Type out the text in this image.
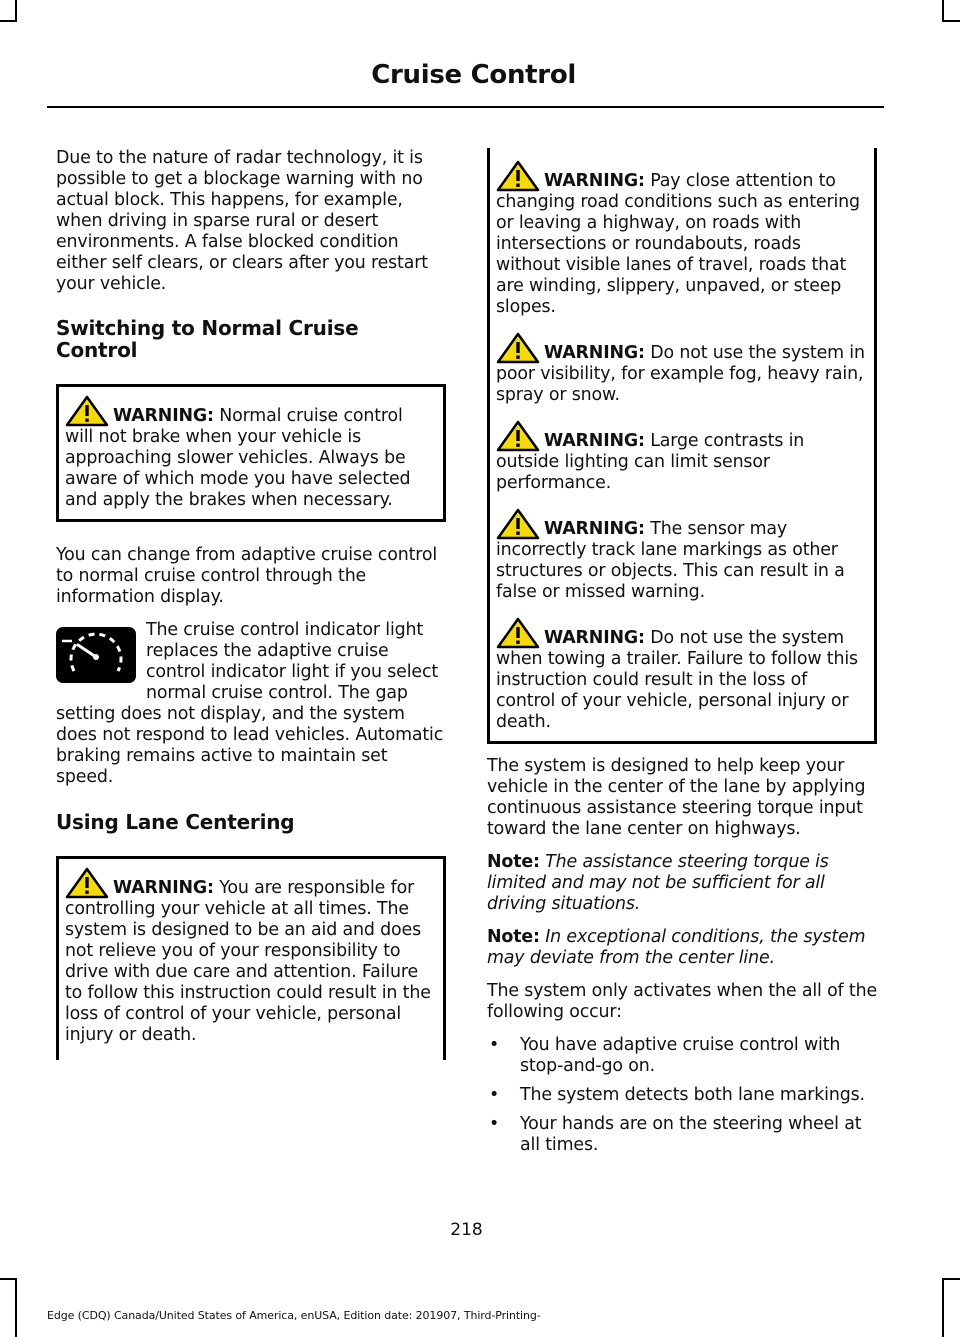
Cruise Control

Due to the nature of radar technology, it is possible to get a blockage warning with no actual block. This happens, for example, when driving in sparse rural or desert environments. A false blocked condition either self clears, or clears after you restart your vehicle.

Switching to Normal Cruise Control
WARNING: Normal cruise control will not brake when your vehicle is approaching slower vehicles. Always be aware of which mode you have selected and apply the brakes when necessary.

You can change from adaptive cruise control to normal cruise control through the information display.

The cruise control indicator light replaces the adaptive cruise control indicator light if you select normal cruise control. The gap setting does not display, and the system does not respond to lead vehicles. Automatic braking remains active to maintain set speed.

Using Lane Centering
WARNING: You are responsible for controlling your vehicle at all times. The system is designed to be an aid and does not relieve you of your responsibility to drive with due care and attention. Failure to follow this instruction could result in the loss of control of your vehicle, personal injury or death.
WARNING: Pay close attention to changing road conditions such as entering or leaving a highway, on roads with intersections or roundabouts, roads without visible lanes of travel, roads that are winding, slippery, unpaved, or steep slopes.
WARNING: Do not use the system in poor visibility, for example fog, heavy rain, spray or snow.
WARNING: Large contrasts in outside lighting can limit sensor performance.
WARNING: The sensor may incorrectly track lane markings as other structures or objects. This can result in a false or missed warning.
WARNING: Do not use the system when towing a trailer. Failure to follow this instruction could result in the loss of control of your vehicle, personal injury or death.

The system is designed to help keep your vehicle in the center of the lane by applying continuous assistance steering torque input toward the lane center on highways.

Note: The assistance steering torque is limited and may not be sufficient for all driving situations.

Note: In exceptional conditions, the system may deviate from the center line.

The system only activates when the all of the following occur:

• You have adaptive cruise control with stop-and-go on.
• The system detects both lane markings.
• Your hands are on the steering wheel at all times.
218
Edge (CDQ) Canada/United States of America, enUSA, Edition date: 201907, Third-Printing-
